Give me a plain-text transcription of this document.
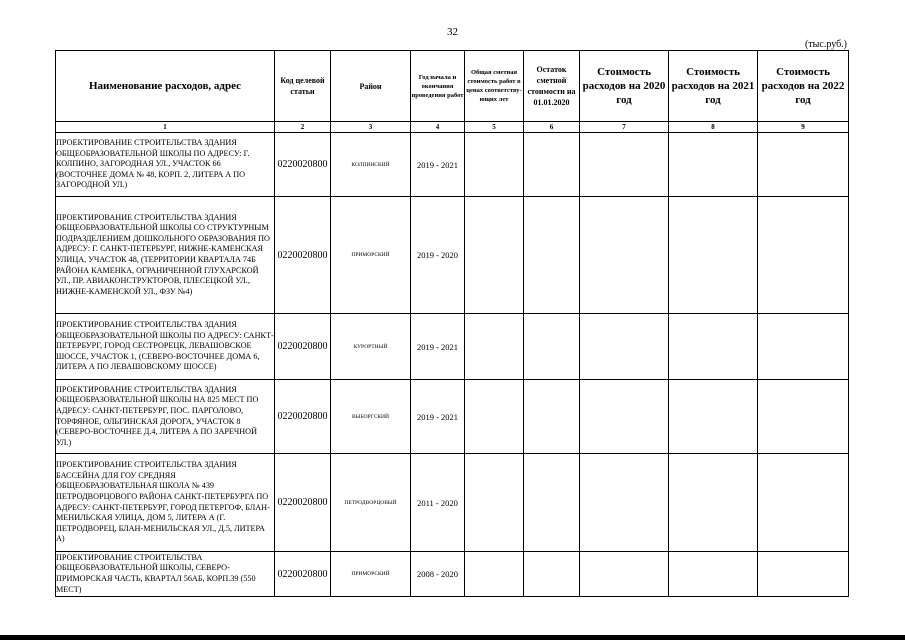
32
(тыс.руб.)
Наименование расходов, адрес	Код целевой статьи	Район	Год начала и окончания проведения работ	Общая сметная стоимость работ в ценах соответству-ющих лет	Остаток сметной стоимости на 01.01.2020	Стоимость расходов на 2020 год	Стоимость расходов на 2021 год	Стоимость расходов на 2022 год
1	2	3	4	5	6	7	8	9
ПРОЕКТИРОВАНИЕ СТРОИТЕЛЬСТВА ЗДАНИЯ ОБЩЕОБРАЗОВАТЕЛЬНОЙ ШКОЛЫ ПО АДРЕСУ: Г. КОЛПИНО, ЗАГОРОДНАЯ УЛ., УЧАСТОК 66 (ВОСТОЧНЕЕ ДОМА № 48, КОРП. 2, ЛИТЕРА А ПО ЗАГОРОДНОЙ УЛ.)	0220020800	КОЛПИНСКИЙ	2019 - 2021					
ПРОЕКТИРОВАНИЕ СТРОИТЕЛЬСТВА ЗДАНИЯ ОБЩЕОБРАЗОВАТЕЛЬНОЙ ШКОЛЫ СО СТРУКТУРНЫМ ПОДРАЗДЕЛЕНИЕМ ДОШКОЛЬНОГО ОБРАЗОВАНИЯ ПО АДРЕСУ: Г. САНКТ-ПЕТЕРБУРГ, НИЖНЕ-КАМЕНСКАЯ УЛИЦА, УЧАСТОК 48, (ТЕРРИТОРИИ КВАРТАЛА 74Б РАЙОНА КАМЕНКА, ОГРАНИЧЕННОЙ ГЛУХАРСКОЙ УЛ., ПР. АВИАКОНСТРУКТОРОВ, ПЛЕСЕЦКОЙ УЛ., НИЖНЕ-КАМЕНСКОЙ УЛ., ФЗУ №4)	0220020800	ПРИМОРСКИЙ	2019 - 2020					
ПРОЕКТИРОВАНИЕ СТРОИТЕЛЬСТВА ЗДАНИЯ ОБЩЕОБРАЗОВАТЕЛЬНОЙ ШКОЛЫ ПО АДРЕСУ: САНКТ-ПЕТЕРБУРГ, ГОРОД СЕСТРОРЕЦК, ЛЕВАШОВСКОЕ ШОССЕ, УЧАСТОК 1, (СЕВЕРО-ВОСТОЧНЕЕ ДОМА 6, ЛИТЕРА А ПО ЛЕВАШОВСКОМУ ШОССЕ)	0220020800	КУРОРТНЫЙ	2019 - 2021					
ПРОЕКТИРОВАНИЕ СТРОИТЕЛЬСТВА ЗДАНИЯ ОБЩЕОБРАЗОВАТЕЛЬНОЙ ШКОЛЫ НА 825 МЕСТ ПО АДРЕСУ: САНКТ-ПЕТЕРБУРГ, ПОС. ПАРГОЛОВО, ТОРФЯНОЕ, ОЛЬГИНСКАЯ ДОРОГА, УЧАСТОК 8 (СЕВЕРО-ВОСТОЧНЕЕ Д.4, ЛИТЕРА А ПО ЗАРЕЧНОЙ УЛ.)	0220020800	ВЫБОРГСКИЙ	2019 - 2021					
ПРОЕКТИРОВАНИЕ СТРОИТЕЛЬСТВА ЗДАНИЯ БАССЕЙНА ДЛЯ ГОУ СРЕДНЯЯ ОБЩЕОБРАЗОВАТЕЛЬНАЯ ШКОЛА № 439 ПЕТРОДВОРЦОВОГО РАЙОНА САНКТ-ПЕТЕРБУРГА ПО АДРЕСУ: САНКТ-ПЕТЕРБУРГ, ГОРОД ПЕТЕРГОФ, БЛАН-МЕНИЛЬСКАЯ УЛИЦА, ДОМ 5, ЛИТЕРА А (Г. ПЕТРОДВОРЕЦ, БЛАН-МЕНИЛЬСКАЯ УЛ., Д.5, ЛИТЕРА А)	0220020800	ПЕТРОДВОРЦОВЫЙ	2011 - 2020					
ПРОЕКТИРОВАНИЕ СТРОИТЕЛЬСТВА ОБЩЕОБРАЗОВАТЕЛЬНОЙ ШКОЛЫ, СЕВЕРО-ПРИМОРСКАЯ ЧАСТЬ, КВАРТАЛ 56АБ, КОРП.39 (550 МЕСТ)	0220020800	ПРИМОРСКИЙ	2008 - 2020					
